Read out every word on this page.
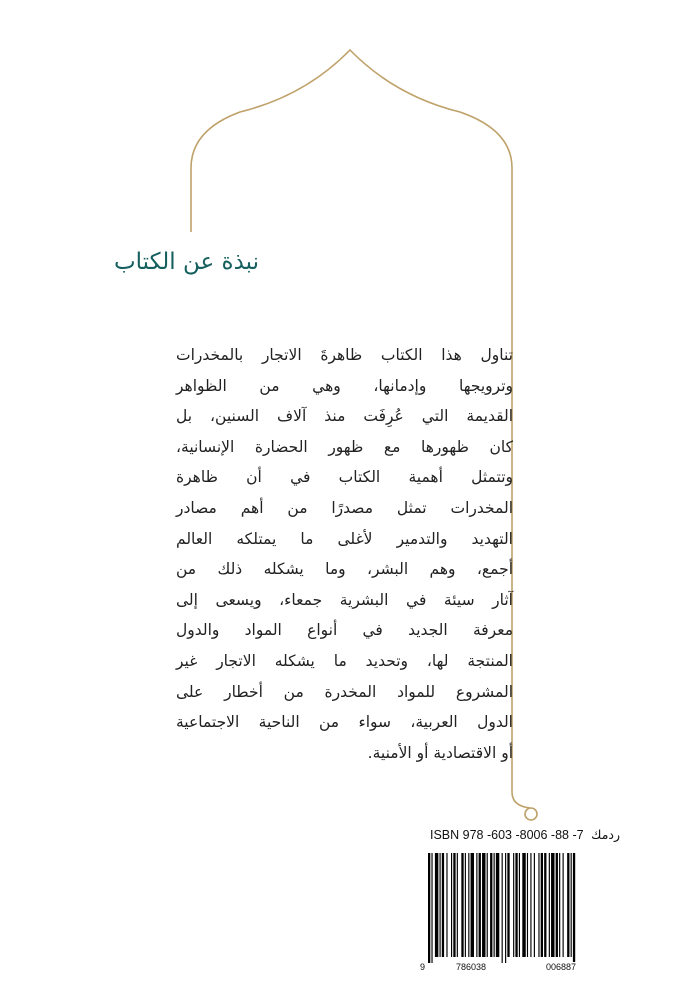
نبذة عن الكتاب
تناول هذا الكتاب ظاهرةَ الاتجار بالمخدرات
وترويجها وإدمانها، وهي من الظواهر
القديمة التي عُرِفَت منذ آلاف السنين، بل
كان ظهورها مع ظهور الحضارة الإنسانية،
وتتمثل أهمية الكتاب في أن ظاهرة
المخدرات تمثل مصدرًا من أهم مصادر
التهديد والتدمير لأغلى ما يمتلكه العالم
أجمع، وهم البشر، وما يشكله ذلك من
آثار سيئة في البشرية جمعاء، ويسعى إلى
معرفة الجديد في أنواع المواد والدول
المنتجة لها، وتحديد ما يشكله الاتجار غير
المشروع للمواد المخدرة من أخطار على
الدول العربية، سواء من الناحية الاجتماعية
أو الاقتصادية أو الأمنية.
ردمك
ISBN 978 -603 -8006 -88 -7
9	786038	006887
